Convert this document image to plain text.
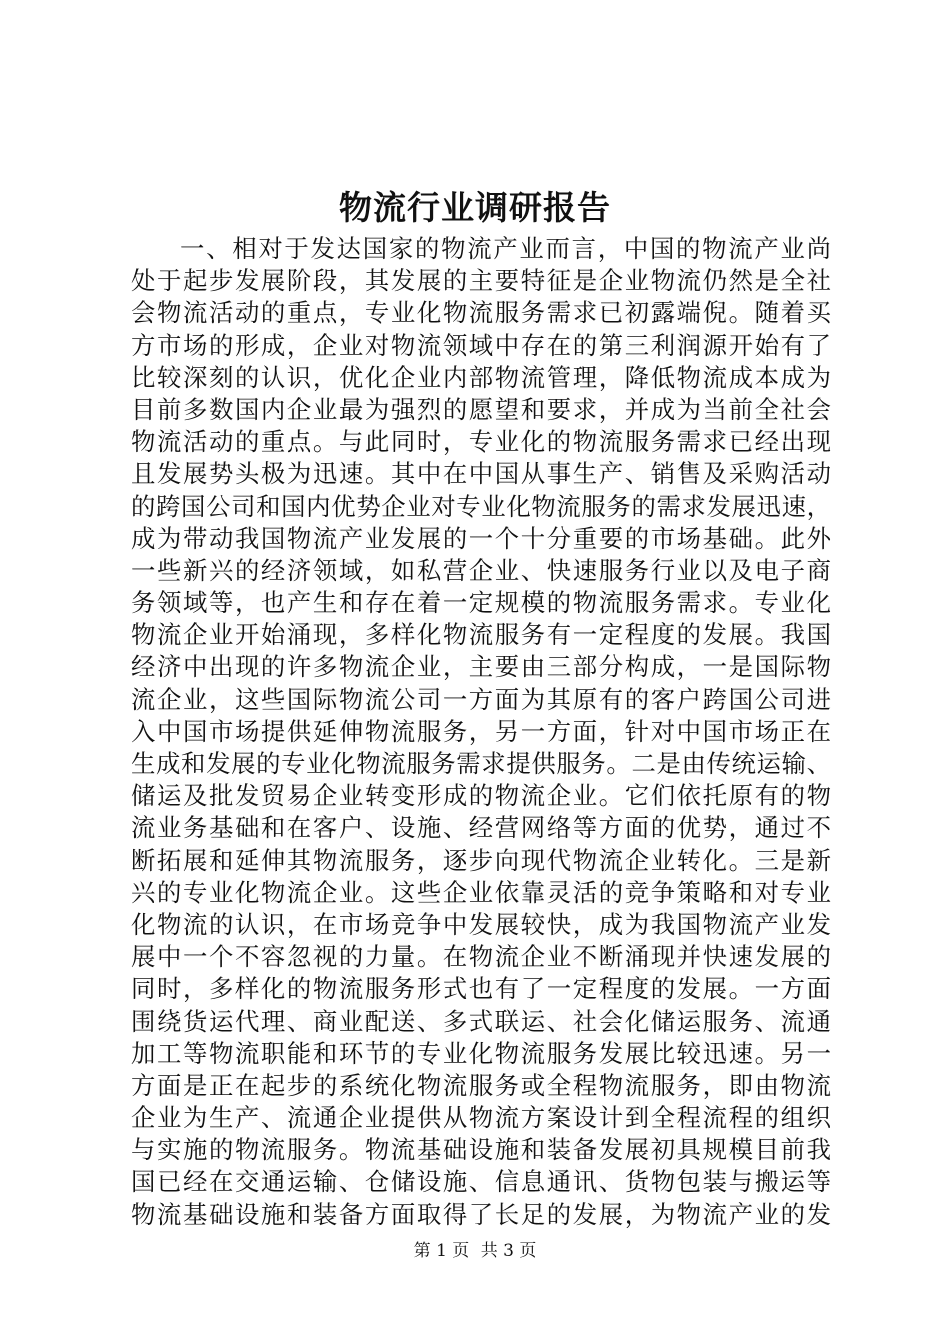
物流行业调研报告
一、相对于发达国家的物流产业而言，中国的物流产业尚
处于起步发展阶段，其发展的主要特征是企业物流仍然是全社
会物流活动的重点，专业化物流服务需求已初露端倪。随着买
方市场的形成，企业对物流领域中存在的第三利润源开始有了
比较深刻的认识，优化企业内部物流管理，降低物流成本成为
目前多数国内企业最为强烈的愿望和要求，并成为当前全社会
物流活动的重点。与此同时，专业化的物流服务需求已经出现
且发展势头极为迅速。其中在中国从事生产、销售及采购活动
的跨国公司和国内优势企业对专业化物流服务的需求发展迅速，
成为带动我国物流产业发展的一个十分重要的市场基础。此外
一些新兴的经济领域，如私营企业、快速服务行业以及电子商
务领域等，也产生和存在着一定规模的物流服务需求。专业化
物流企业开始涌现，多样化物流服务有一定程度的发展。我国
经济中出现的许多物流企业，主要由三部分构成，一是国际物
流企业，这些国际物流公司一方面为其原有的客户跨国公司进
入中国市场提供延伸物流服务，另一方面，针对中国市场正在
生成和发展的专业化物流服务需求提供服务。二是由传统运输、
储运及批发贸易企业转变形成的物流企业。它们依托原有的物
流业务基础和在客户、设施、经营网络等方面的优势，通过不
断拓展和延伸其物流服务，逐步向现代物流企业转化。三是新
兴的专业化物流企业。这些企业依靠灵活的竞争策略和对专业
化物流的认识，在市场竞争中发展较快，成为我国物流产业发
展中一个不容忽视的力量。在物流企业不断涌现并快速发展的
同时，多样化的物流服务形式也有了一定程度的发展。一方面
围绕货运代理、商业配送、多式联运、社会化储运服务、流通
加工等物流职能和环节的专业化物流服务发展比较迅速。另一
方面是正在起步的系统化物流服务或全程物流服务，即由物流
企业为生产、流通企业提供从物流方案设计到全程流程的组织
与实施的物流服务。物流基础设施和装备发展初具规模目前我
国已经在交通运输、仓储设施、信息通讯、货物包装与搬运等
物流基础设施和装备方面取得了长足的发展，为物流产业的发
第 1 页 共 3 页
